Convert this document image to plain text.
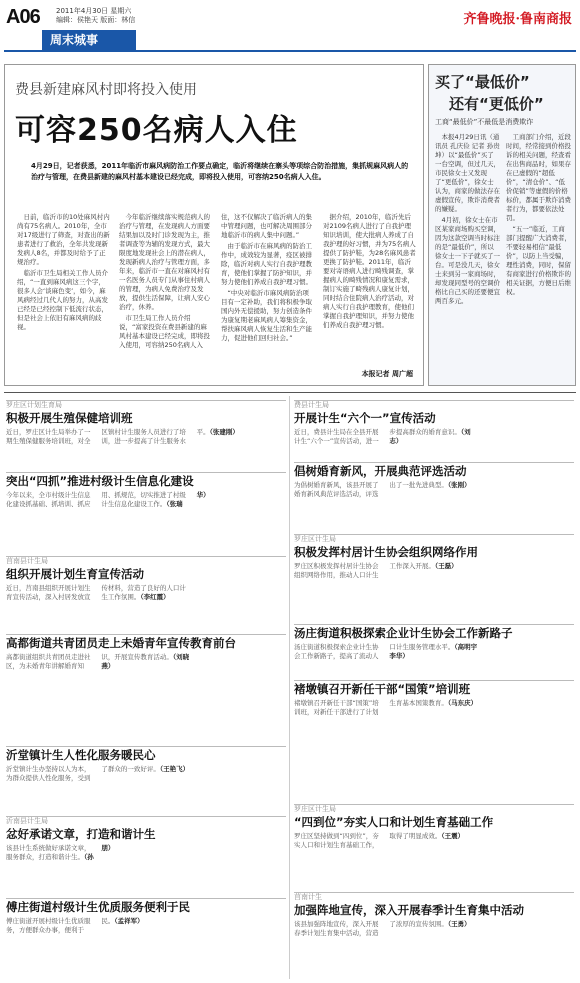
A06 2011年4月30日 星期六
编辑：侯艳天 版面：林信	齐鲁晚报·鲁南商报
周末城事
费县新建麻风村即将投入使用
可容250名病人入住
4月29日，记者获悉，2011年临沂市麻风病防治工作要点确定，临沂将继续在寨头等项综合防治措施，集抓规麻风病人的治疗与管理，在费县新建的麻风村基本建设已经完成，即将投入使用，可容纳250名病人入住。

日前，临沂市的10处麻风村内尚有75名病人。2010年，全市对17级进行了筛查，对查出的新患者进行了救治，全年共发现新发病人8名，并都及时给予了正规治疗。

临沂市卫生局相关工作人员介绍，“一直到麻风病这三个字，很多人会‘谈麻色变’，如今，麻风病经过几代人的努力，从高发已经是已经控制下低流行状态，但是社会上依旧有麻风病的歧视。

今年临沂继续落实规范病人的治疗与管理，在发现病人方面要结果加以及时门诊发现为主，推者调查等为辅的发现方式，最大限度地发现社会上的潜在病人，发现新病人治疗与管理方面，多年来，临沂市一直在对麻风村有一名医务人员专门从事住村病人的管理，为病人免费治疗及发放，提供生活保障，让病人安心治疗，休养。

市卫生局工作人员介绍说，“富家投资在费县新建的麻风村基本建设已经完成，即将投入使用，可容纳250名病人入住，这不仅解决了临沂病人的集中管理问题，也可解决周围部分地临沂市的病人集中问题。”

由于临沂市在麻风病的防治工作中，成效较为显著，疫区被排除，临沂对病人实行自我护理教育，使他们掌握了防护知识，并努力使他们养成自我护理习惯。

“中央对临沂市麻风病防治项目有一定补助，我们将积极争取国内外无偿援助，努力创造条件为康复期老麻风病人筹集资金，帮扶麻风病人恢复生活和生产能力，促进他们回归社会。”

据介绍，2010年，临沂先后对2109名病人进行了自我护理知识培训，使大批病人养成了自我护理的好习惯，并为75名病人提供了防护鞋，为28名麻风患者更换了防护鞋。2011年，临沂要对寄语病人进行畸残调查，掌握病人的畸残情况和康复需求，制订实施了畸残病人康复计划，同时结合住院病人治疗活动，对病人实行自我护理教育，使他们掌握自我护理知识，并努力使他们养成自我护理习惯。

本报记者 周广超
买了“最低价”
还有“更低价”
工商“最低价”不最低是消费欺诈

本报4月29日讯（通讯员 孔庆俭 记者 孙贵坤）以“最低价”买了一台空调，但过几天，市民徐女士又发现了“更低价”，徐女士认为，商家的做法存在虚假宣传，欺诈消费者的嫌疑。

4月初，徐女士在市区某家商场购买空调，因为这款空调当时标注的是“最低价”，所以徐女士一下子就买了一台。可是没几天，徐女士来到另一家商场时，却发现同型号的空调价格比自己买的还要便宜两百多元。

工商部门介绍，近段时间，经常接到价格投诉的相关问题，经查看在出售商品时，如果存在已虚假的“超低价”，“清仓价”、“低价促销”等虚假的价格标价，都属于欺诈消费者行为，都要依法处罚。

“五一”临近，工商部门提醒广大消费者，不要轻易相信“最低价”，以防上当受骗，理性消费，同时，保留有商家进行价格欺诈的相关证据，方便日后维权。

罗庄区计划生育局
积极开展生殖保健培训班
近日，罗庄区计生局举办了一期生殖保健服务培训班，对全区镇村计生服务人员进行了培训，进一步提高了计生服务水平。（张建刚）
突出“四抓”推进村级计生信息化建设
今年以来，全市村级计生信息化建设抓基础、抓培训、抓应用、抓规范，切实推进了村级计生信息化建设工作。（张瑞华）
莒南县计生局
组织开展计划生育宣传活动
近日，莒南县组织开展计划生育宣传活动，深入村居发放宣传材料，营造了良好的人口计生工作氛围。（李红霞）
高都街道共青团员走上未婚青年宣传教育前台
高都街道组织共青团员走进社区，为未婚青年讲解婚育知识，开展宣传教育活动。（刘晓燕）
沂堂镇计生人性化服务暖民心
沂堂镇计生办坚持以人为本，为群众提供人性化服务，受到了群众的一致好评。（王艳飞）
沂南县计生局
忿好承诺文章，打造和谐计生
该县计生系统做好承诺文章，服务群众，打造和谐计生。（孙朋）
傅庄街道村级计生优质服务便利于民
傅庄街道开展村级计生优质服务，方便群众办事，便利于民。（孟祥军）
费县计生局
开展计生“六个一”宣传活动
近日，费县计生局在全县开展计生“六个一”宣传活动，进一步提高群众的婚育意识。（刘志）
倡树婚育新风，开展典范评选活动
为倡树婚育新风，该县开展了婚育新风典范评选活动，评选出了一批先进典型。（张刚）
罗庄区计生局
积极发挥村居计生协会组织网络作用
罗庄区积极发挥村居计生协会组织网络作用，推动人口计生工作深入开展。（王磊）
汤庄街道积极探索企业计生协会工作新路子
汤庄街道积极探索企业计生协会工作新路子，提高了流动人口计生服务管理水平。（高明宇 李华）
褚墩镇召开新任干部“国策”培训班
褚墩镇召开新任干部“国策”培训班，对新任干部进行了计划生育基本国策教育。（马东庆）
罗庄区计生局
“四到位”夯实人口和计划生育基础工作
罗庄区坚持做到“四到位”，夯实人口和计划生育基础工作，取得了明显成效。（王震）
莒南计生
加强阵地宣传，深入开展春季计生育集中活动
该县加强阵地宣传，深入开展春季计划生育集中活动，营造了浓厚的宣传氛围。（王勇）
